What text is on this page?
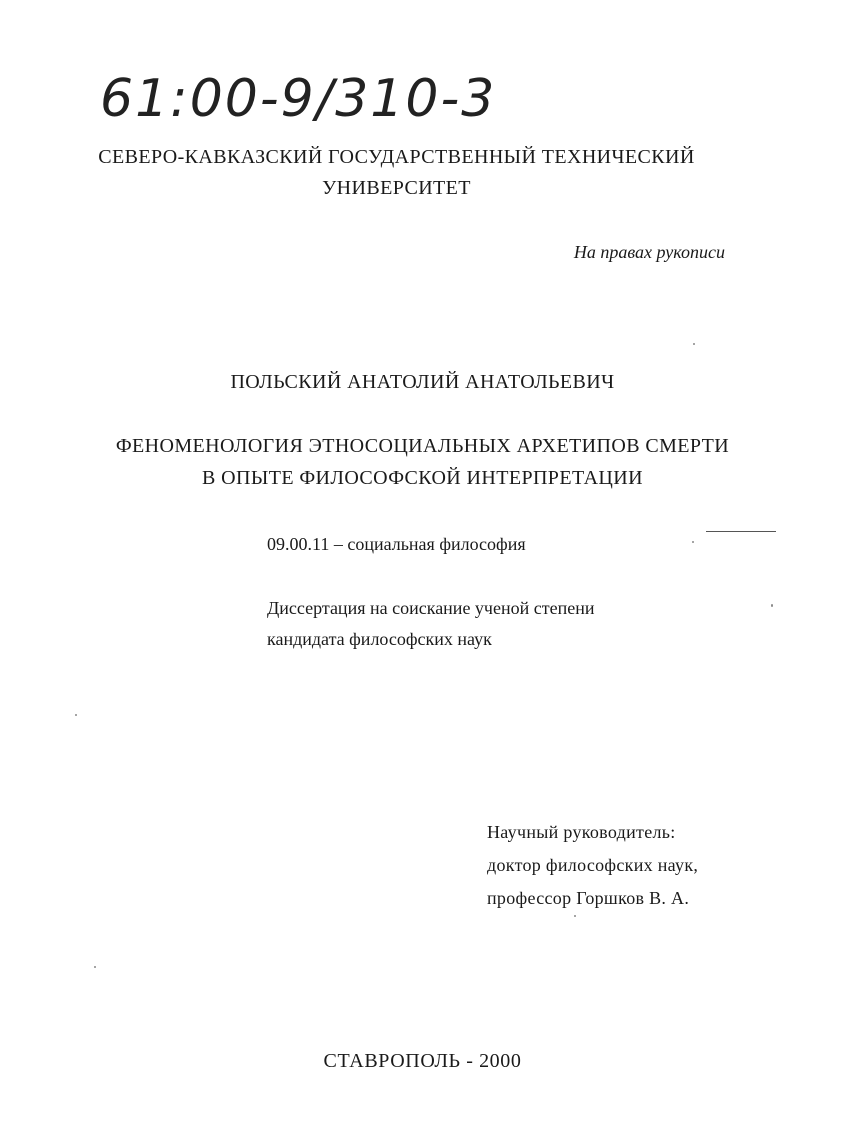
61:00-9/310-3
СЕВЕРО-КАВКАЗСКИЙ ГОСУДАРСТВЕННЫЙ ТЕХНИЧЕСКИЙ
УНИВЕРСИТЕТ
На правах рукописи
ПОЛЬСКИЙ АНАТОЛИЙ АНАТОЛЬЕВИЧ
ФЕНОМЕНОЛОГИЯ ЭТНОСОЦИАЛЬНЫХ АРХЕТИПОВ СМЕРТИ
В ОПЫТЕ ФИЛОСОФСКОЙ ИНТЕРПРЕТАЦИИ
09.00.11 – социальная философия
Диссертация на соискание ученой степени
кандидата философских наук
Научный руководитель:
доктор философских наук,
профессор Горшков В. А.
СТАВРОПОЛЬ - 2000
